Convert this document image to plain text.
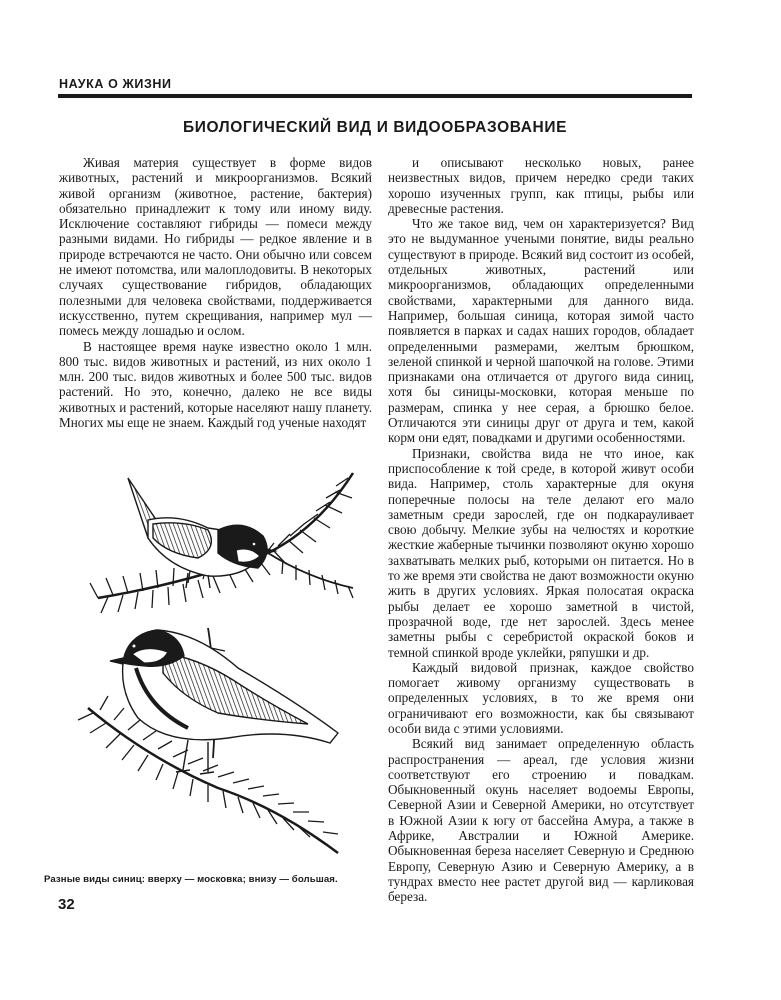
НАУКА О ЖИЗНИ
БИОЛОГИЧЕСКИЙ ВИД И ВИДООБРАЗОВАНИЕ

Живая материя существует в форме видов животных, растений и микроорганизмов. Всякий живой организм (животное, растение, бактерия) обязательно принадлежит к тому или иному виду. Исключение составляют гибриды — помеси между разными видами. Но гибриды — редкое явление и в природе встречаются не часто. Они обычно или совсем не имеют потомства, или малоплодовиты. В некоторых случаях существование гибридов, обладающих полезными для человека свойствами, поддерживается искусственно, путем скрещивания, например мул — помесь между лошадью и ослом.

В настоящее время науке известно около 1 млн. 800 тыс. видов животных и растений, из них около 1 млн. 200 тыс. видов животных и более 500 тыс. видов растений. Но это, конечно, далеко не все виды животных и растений, которые населяют нашу планету. Многих мы еще не знаем. Каждый год ученые находят

и описывают несколько новых, ранее неизвестных видов, причем нередко среди таких хорошо изученных групп, как птицы, рыбы или древесные растения.

Что же такое вид, чем он характеризуется? Вид это не выдуманное учеными понятие, виды реально существуют в природе. Всякий вид состоит из особей, отдельных животных, растений или микроорганизмов, обладающих определенными свойствами, характерными для данного вида. Например, большая синица, которая зимой часто появляется в парках и садах наших городов, обладает определенными размерами, желтым брюшком, зеленой спинкой и черной шапочкой на голове. Этими признаками она отличается от другого вида синиц, хотя бы синицы-московки, которая меньше по размерам, спинка у нее серая, а брюшко белое. Отличаются эти синицы друг от друга и тем, какой корм они едят, повадками и другими особенностями.

Признаки, свойства вида не что иное, как приспособление к той среде, в которой живут особи вида. Например, столь характерные для окуня поперечные полосы на теле делают его мало заметным среди зарослей, где он подкарауливает свою добычу. Мелкие зубы на челюстях и короткие жесткие жаберные тычинки позволяют окуню хорошо захватывать мелких рыб, которыми он питается. Но в то же время эти свойства не дают возможности окуню жить в других условиях. Яркая полосатая окраска рыбы делает ее хорошо заметной в чистой, прозрачной воде, где нет зарослей. Здесь менее заметны рыбы с серебристой окраской боков и темной спинкой вроде уклейки, ряпушки и др.

Каждый видовой признак, каждое свойство помогает живому организму существовать в определенных условиях, в то же время они ограничивают его возможности, как бы связывают особи вида с этими условиями.

Всякий вид занимает определенную область распространения — ареал, где условия жизни соответствуют его строению и повадкам. Обыкновенный окунь населяет водоемы Европы, Северной Азии и Северной Америки, но отсутствует в Южной Азии к югу от бассейна Амура, а также в Африке, Австралии и Южной Америке. Обыкновенная береза населяет Северную и Среднюю Европу, Северную Азию и Северную Америку, а в тундрах вместо нее растет другой вид — карликовая береза.

Разные виды синиц: вверху — московка; внизу — большая.
32
